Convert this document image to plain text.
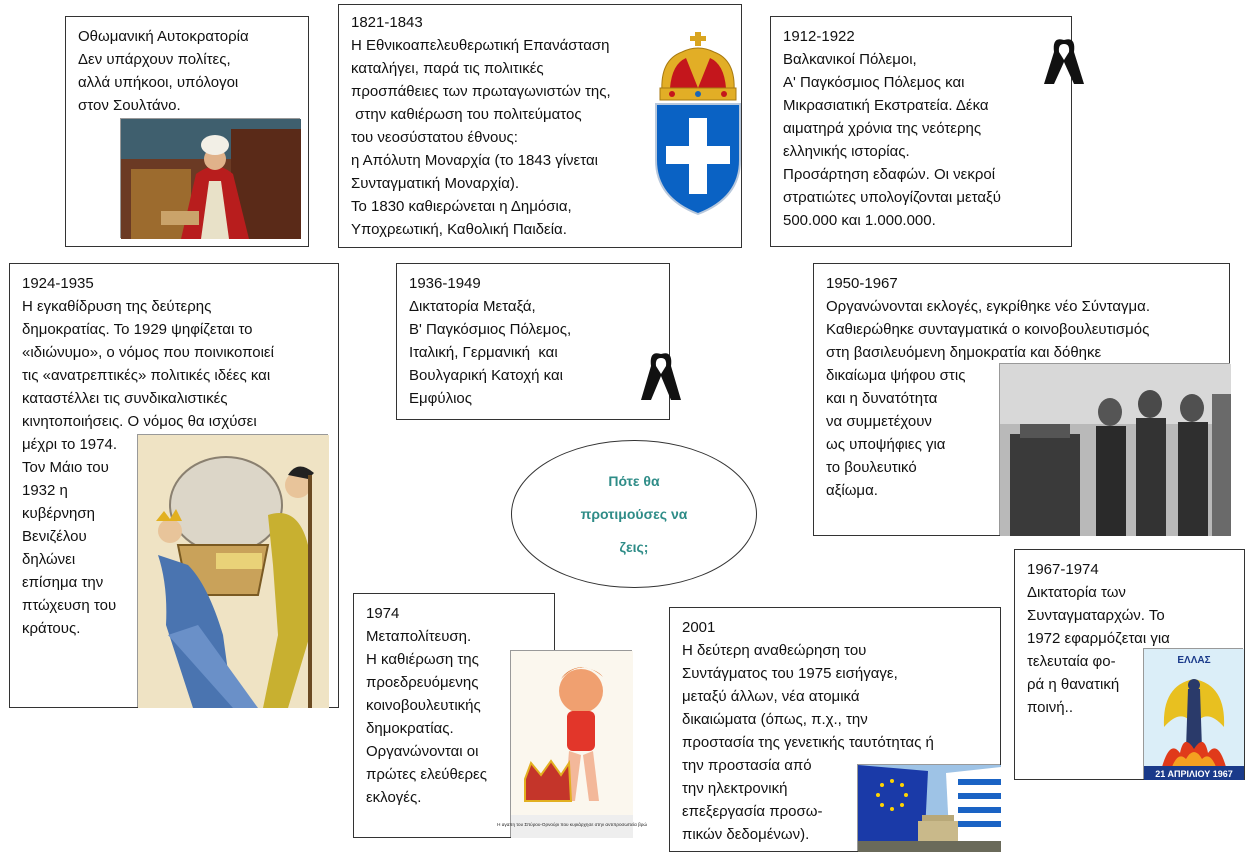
Οθωμανική Αυτοκρατορία
Δεν υπάρχουν πολίτες,
αλλά υπήκοοι, υπόλογοι
στον Σουλτάνο.
1821-1843
Η Εθνικοαπελευθερωτική Επανάσταση
καταλήγει, παρά τις πολιτικές
προσπάθειες των πρωταγωνιστών της,
στην καθιέρωση του πολιτεύματος
του νεοσύστατου έθνους:
η Απόλυτη Μοναρχία (το 1843 γίνεται
Συνταγματική Μοναρχία).
Το 1830 καθιερώνεται η Δημόσια,
Υποχρεωτική, Καθολική Παιδεία.
1912-1922
Βαλκανικοί Πόλεμοι,
Α' Παγκόσμιος Πόλεμος και
Μικρασιατική Εκστρατεία. Δέκα
αιματηρά χρόνια της νεότερης
ελληνικής ιστορίας.
Προσάρτηση εδαφών. Οι νεκροί
στρατιώτες υπολογίζονται μεταξύ
500.000 και 1.000.000.
1924-1935
Η εγκαθίδρυση της δεύτερης
δημοκρατίας. Το 1929 ψηφίζεται το
«ιδιώνυμο», ο νόμος που ποινικοποιεί
τις «ανατρεπτικές» πολιτικές ιδέες και
καταστέλλει τις συνδικαλιστικές
κινητοποιήσεις. Ο νόμος θα ισχύσει
μέχρι το 1974.
Τον Μάιο του
1932 η
κυβέρνηση
Βενιζέλου
δηλώνει
επίσημα την
πτώχευση του
κράτους.
1936-1949
Δικτατορία Μεταξά,
Β' Παγκόσμιος Πόλεμος,
Ιταλική, Γερμανική  και
Βουλγαρική Κατοχή και
Εμφύλιος
1950-1967
Οργανώνονται εκλογές, εγκρίθηκε νέο Σύνταγμα.
Καθιερώθηκε συνταγματικά ο κοινοβουλευτισμός
στη βασιλευόμενη δημοκρατία και δόθηκε
δικαίωμα ψήφου στις
και η δυνατότητα
να συμμετέχουν
ως υποψήφιες για
το βουλευτικό
αξίωμα.
Πότε θα
προτιμούσες να
ζεις;
1967-1974
Δικτατορία των
Συνταγματαρχών. Το
1972 εφαρμόζεται για
τελευταία φο-
ρά η θανατική
ποινή..
ΕΛΛΑΣ
21 ΑΠΡΙΛΙΟΥ 1967
1974
Μεταπολίτευση.
Η καθιέρωση της
προεδρευόμενης
κοινοβουλευτικής
δημοκρατίας.
Οργανώνονται οι
πρώτες ελεύθερες
εκλογές.
Η αγαπη του Σπύρου-Ορνούρι που κυριάρχησε στην αντιπροσωπεία βρώ
2001
Η δεύτερη αναθεώρηση του
Συντάγματος του 1975 εισήγαγε,
μεταξύ άλλων, νέα ατομικά
δικαιώματα (όπως, π.χ., την
προστασία της γενετικής ταυτότητας ή
την προστασία από
την ηλεκτρονική
επεξεργασία προσω-
πικών δεδομένων).
